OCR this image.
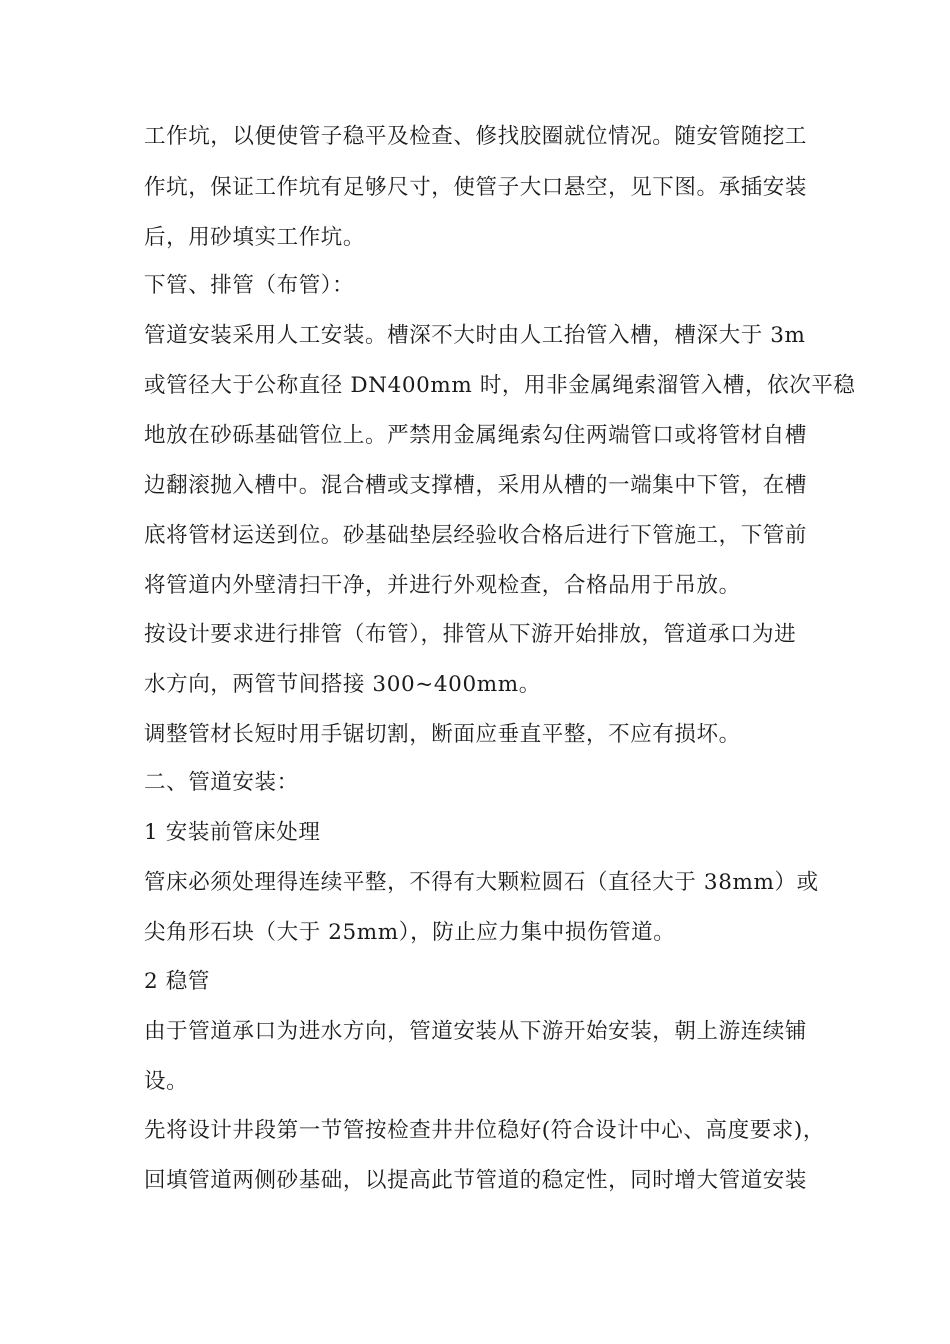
工作坑，以便使管子稳平及检查、修找胶圈就位情况。随安管随挖工
作坑，保证工作坑有足够尺寸，使管子大口悬空，见下图。承插安装
后，用砂填实工作坑。
下管、排管（布管）：
管道安装采用人工安装。槽深不大时由人工抬管入槽，槽深大于 3m
或管径大于公称直径 DN400mm 时，用非金属绳索溜管入槽，依次平稳
地放在砂砾基础管位上。严禁用金属绳索勾住两端管口或将管材自槽
边翻滚抛入槽中。混合槽或支撑槽，采用从槽的一端集中下管，在槽
底将管材运送到位。砂基础垫层经验收合格后进行下管施工，下管前
将管道内外壁清扫干净，并进行外观检查，合格品用于吊放。
按设计要求进行排管（布管），排管从下游开始排放，管道承口为进
水方向，两管节间搭接 300~400mm。
调整管材长短时用手锯切割，断面应垂直平整，不应有损坏。
二、管道安装：
1 安装前管床处理
管床必须处理得连续平整，不得有大颗粒圆石（直径大于 38mm）或
尖角形石块（大于 25mm），防止应力集中损伤管道。
2 稳管
由于管道承口为进水方向，管道安装从下游开始安装，朝上游连续铺
设。
先将设计井段第一节管按检查井井位稳好(符合设计中心、高度要求)，
回填管道两侧砂基础，以提高此节管道的稳定性，同时增大管道安装
